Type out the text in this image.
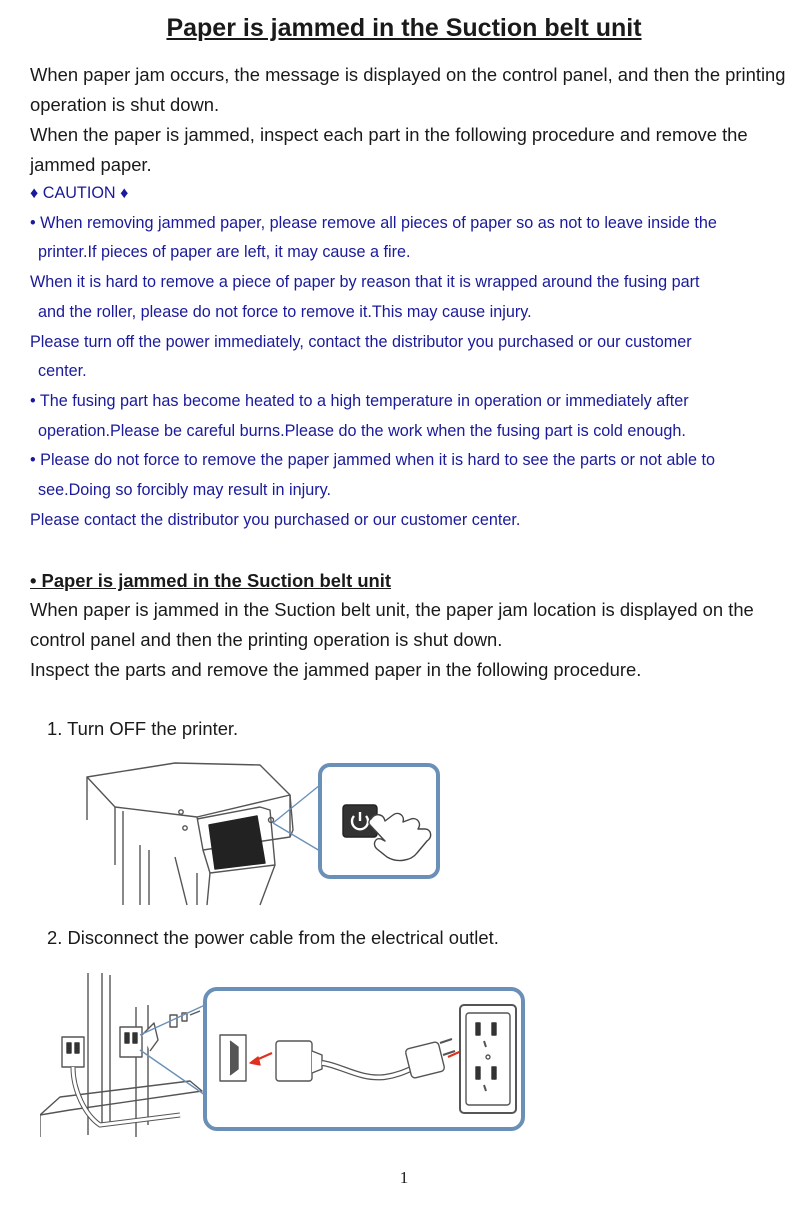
Paper is jammed in the Suction belt unit

When paper jam occurs, the message is displayed on the control panel, and then the printing operation is shut down.

When the paper is jammed, inspect each part in the following procedure and remove the jammed paper.

♦ CAUTION ♦
• When removing jammed paper, please remove all pieces of paper so as not to leave inside the
printer.If pieces of paper are left, it may cause a fire.
When it is hard to remove a piece of paper by reason that it is wrapped around the fusing part
and the roller, please do not force to remove it.This may cause injury.
Please turn off the power immediately, contact the distributor you purchased or our customer
center.
• The fusing part has become heated to a high temperature in operation or immediately after
operation.Please be careful burns.Please do the work when the fusing part is cold enough.
• Please do not force to remove the paper jammed when it is hard to see the parts or not able to
see.Doing so forcibly may result in injury.
Please contact the distributor you purchased or our customer center.
• Paper is jammed in the Suction belt unit

When paper is jammed in the Suction belt unit, the paper jam location is displayed on the control panel and then the printing operation is shut down.

Inspect the parts and remove the jammed paper in the following procedure.

1. Turn OFF the printer.

2. Disconnect the power cable from the electrical outlet.

1
